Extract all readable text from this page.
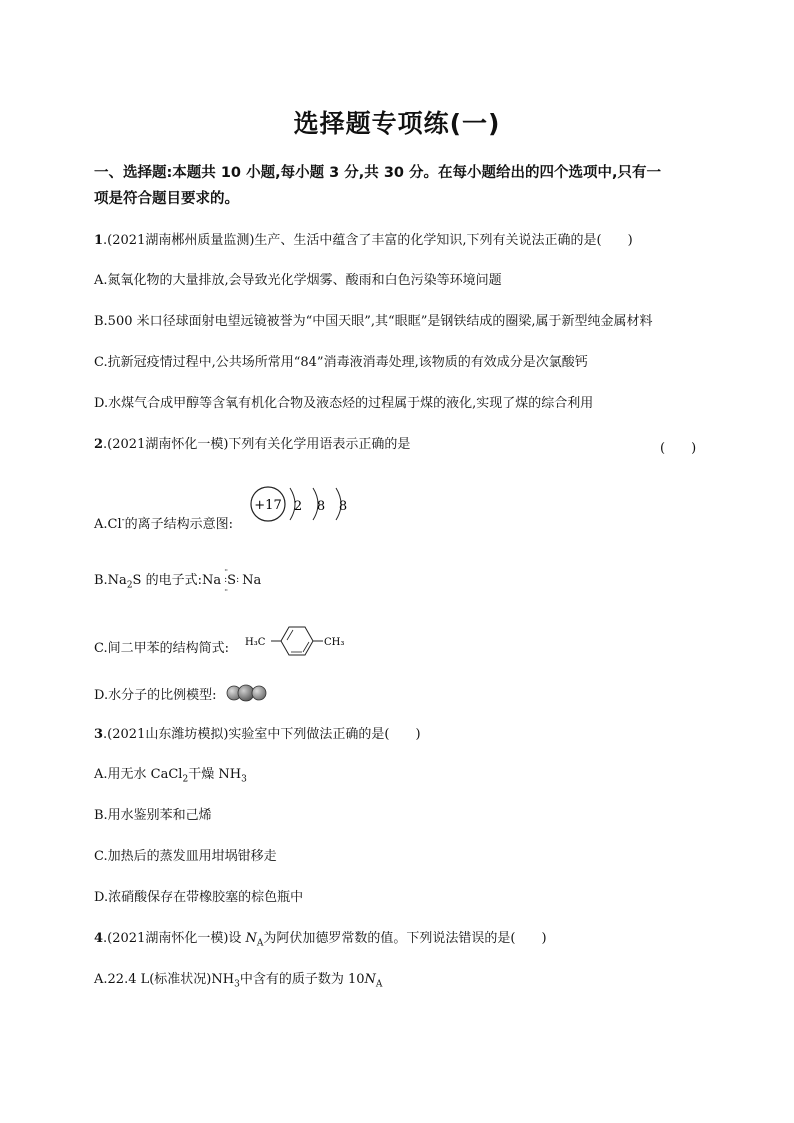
选择题专项练(一)
一、选择题:本题共 10 小题,每小题 3 分,共 30 分。在每小题给出的四个选项中,只有一
项是符合题目要求的。
1.(2021湖南郴州质量监测)生产、生活中蕴含了丰富的化学知识,下列有关说法正确的是(　　)
A.氮氧化物的大量排放,会导致光化学烟雾、酸雨和白色污染等环境问题
B.500 米口径球面射电望远镜被誉为“中国天眼”,其“眼眶”是钢铁结成的圈梁,属于新型纯金属材料
C.抗新冠疫情过程中,公共场所常用“84”消毒液消毒处理,该物质的有效成分是次氯酸钙
D.水煤气合成甲醇等含氧有机化合物及液态烃的过程属于煤的液化,实现了煤的综合利用
2.(2021湖南怀化一模)下列有关化学用语表示正确的是	(　　)
A.Cl-的离子结构示意图:
+17 2 8 8
$B.Na_2S$ 的电子式:Na
··
:S:
··
Na
C.间二甲苯的结构简式: H₃C	CH₃
D.水分子的比例模型:
3.(2021山东潍坊模拟)实验室中下列做法正确的是(　　)
A.用无水 CaCl$_2$干燥 $NH_3$
B.用水鉴别苯和己烯
C.加热后的蒸发皿用坩埚钳移走
D.浓硝酸保存在带橡胶塞的棕色瓶中
4.(2021湖南怀化一模)设 $N_A$为阿伏加德罗常数的值。下列说法错误的是(　　)
A.22.4 L(标准状况)$NH_3$中含有的质子数为 $10N_A$
